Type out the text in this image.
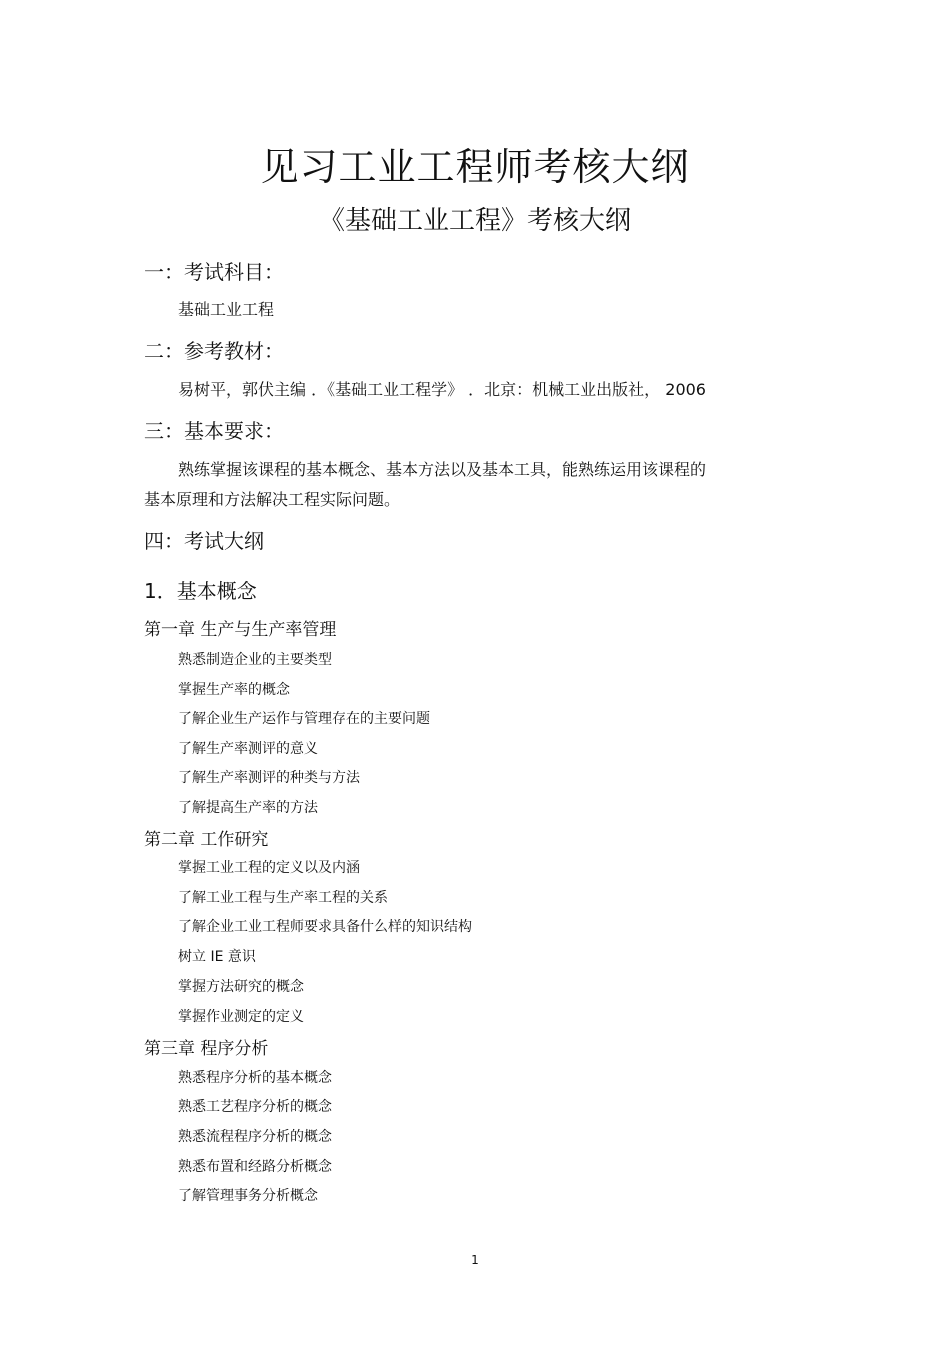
见习工业工程师考核大纲
《基础工业工程》考核大纲
一：考试科目：
基础工业工程
二：参考教材：
易树平，郭伏主编 ．《基础工业工程学》 ．北京：机械工业出版社， 2006
三：基本要求：
熟练掌握该课程的基本概念、基本方法以及基本工具，能熟练运用该课程的
基本原理和方法解决工程实际问题。
四：考试大纲
1．基本概念
第一章 生产与生产率管理
熟悉制造企业的主要类型
掌握生产率的概念
了解企业生产运作与管理存在的主要问题
了解生产率测评的意义
了解生产率测评的种类与方法
了解提高生产率的方法
第二章 工作研究
掌握工业工程的定义以及内涵
了解工业工程与生产率工程的关系
了解企业工业工程师要求具备什么样的知识结构
树立 IE 意识
掌握方法研究的概念
掌握作业测定的定义
第三章 程序分析
熟悉程序分析的基本概念
熟悉工艺程序分析的概念
熟悉流程程序分析的概念
熟悉布置和经路分析概念
了解管理事务分析概念
1
